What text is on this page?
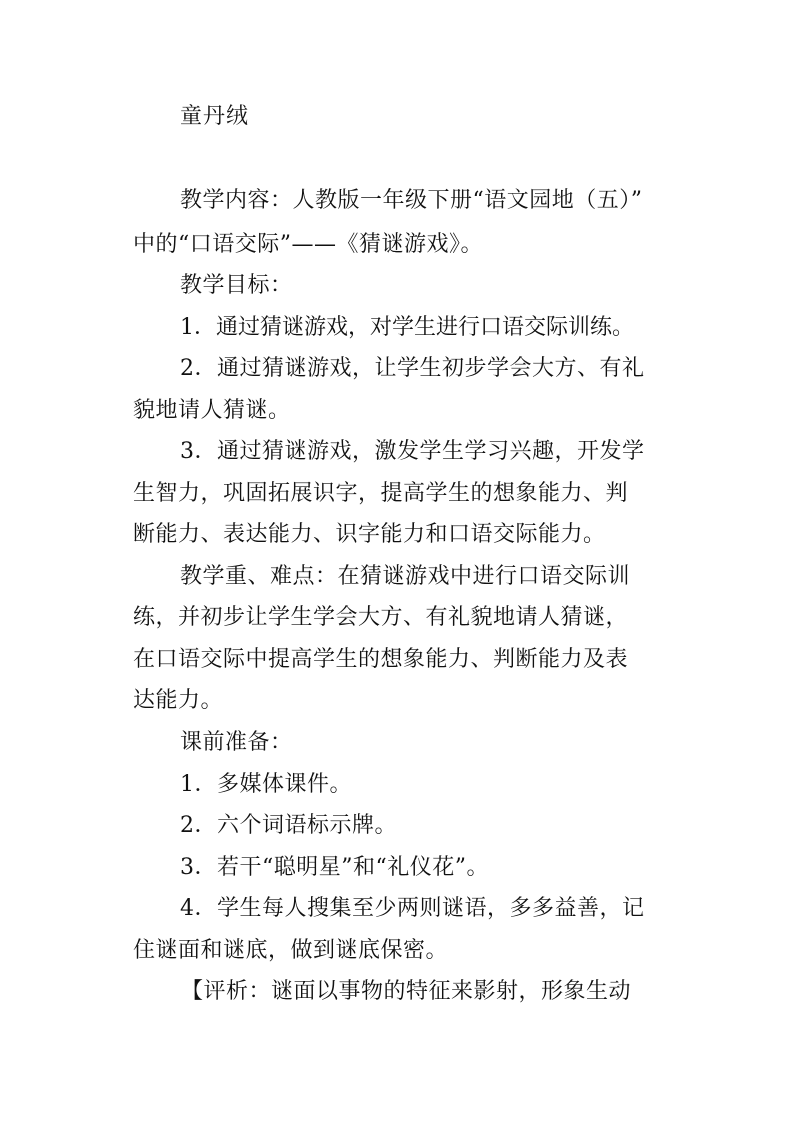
童丹绒

教学内容：人教版一年级下册“语文园地（五）”

中的“口语交际”——《猜谜游戏》。

教学目标：

1．通过猜谜游戏，对学生进行口语交际训练。

2．通过猜谜游戏，让学生初步学会大方、有礼

貌地请人猜谜。

3．通过猜谜游戏，激发学生学习兴趣，开发学

生智力，巩固拓展识字，提高学生的想象能力、判

断能力、表达能力、识字能力和口语交际能力。

教学重、难点：在猜谜游戏中进行口语交际训

练，并初步让学生学会大方、有礼貌地请人猜谜，

在口语交际中提高学生的想象能力、判断能力及表

达能力。

课前准备：

1．多媒体课件。

2．六个词语标示牌。

3．若干“聪明星”和“礼仪花”。

4．学生每人搜集至少两则谜语，多多益善，记

住谜面和谜底，做到谜底保密。

【评析：谜面以事物的特征来影射，形象生动
